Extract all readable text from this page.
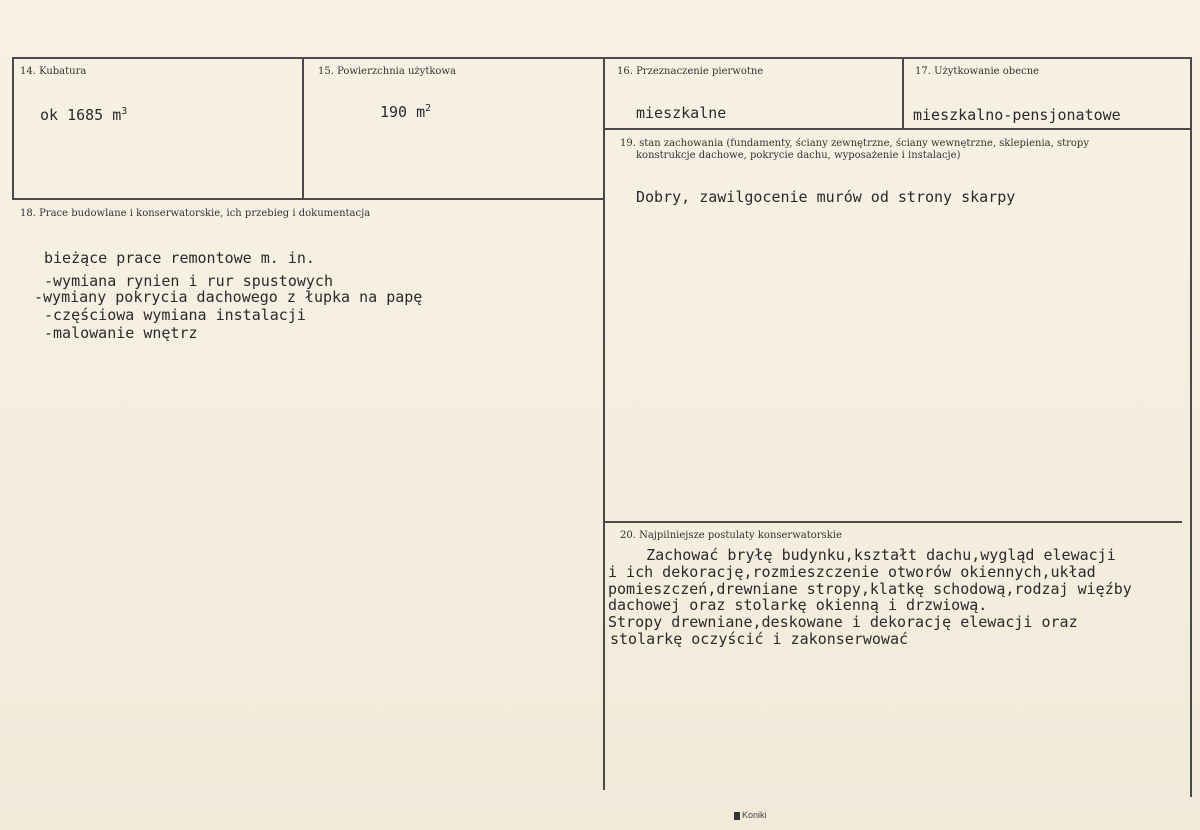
14. Kubatura
ok 1685 $m^3$
15. Powierzchnia użytkowa
190 $m^2$
16. Przeznaczenie pierwotne
mieszkalne
17. Użytkowanie obecne
mieszkalno-pensjonatowe
19. stan zachowania (fundamenty, ściany zewnętrzne, ściany wewnętrzne, sklepienia, stropy
konstrukcje dachowe, pokrycie dachu, wyposażenie i instalacje)
Dobry, zawilgocenie murów od strony skarpy
18. Prace budowlane i konserwatorskie, ich przebieg i dokumentacja
bieżące prace remontowe m. in.
-wymiana rynien i rur spustowych
-wymiany pokrycia dachowego z łupka na papę
-częściowa wymiana instalacji
-malowanie wnętrz
20. Najpilniejsze postulaty konserwatorskie
Zachować bryłę budynku,kształt dachu,wygląd elewacji
i ich dekorację,rozmieszczenie otworów okiennych,układ
pomieszczeń,drewniane stropy,klatkę schodową,rodzaj więźby
dachowej oraz stolarkę okienną i drzwiową.
Stropy drewniane,deskowane i dekorację elewacji oraz
stolarkę oczyścić i zakonserwować
Koniki
